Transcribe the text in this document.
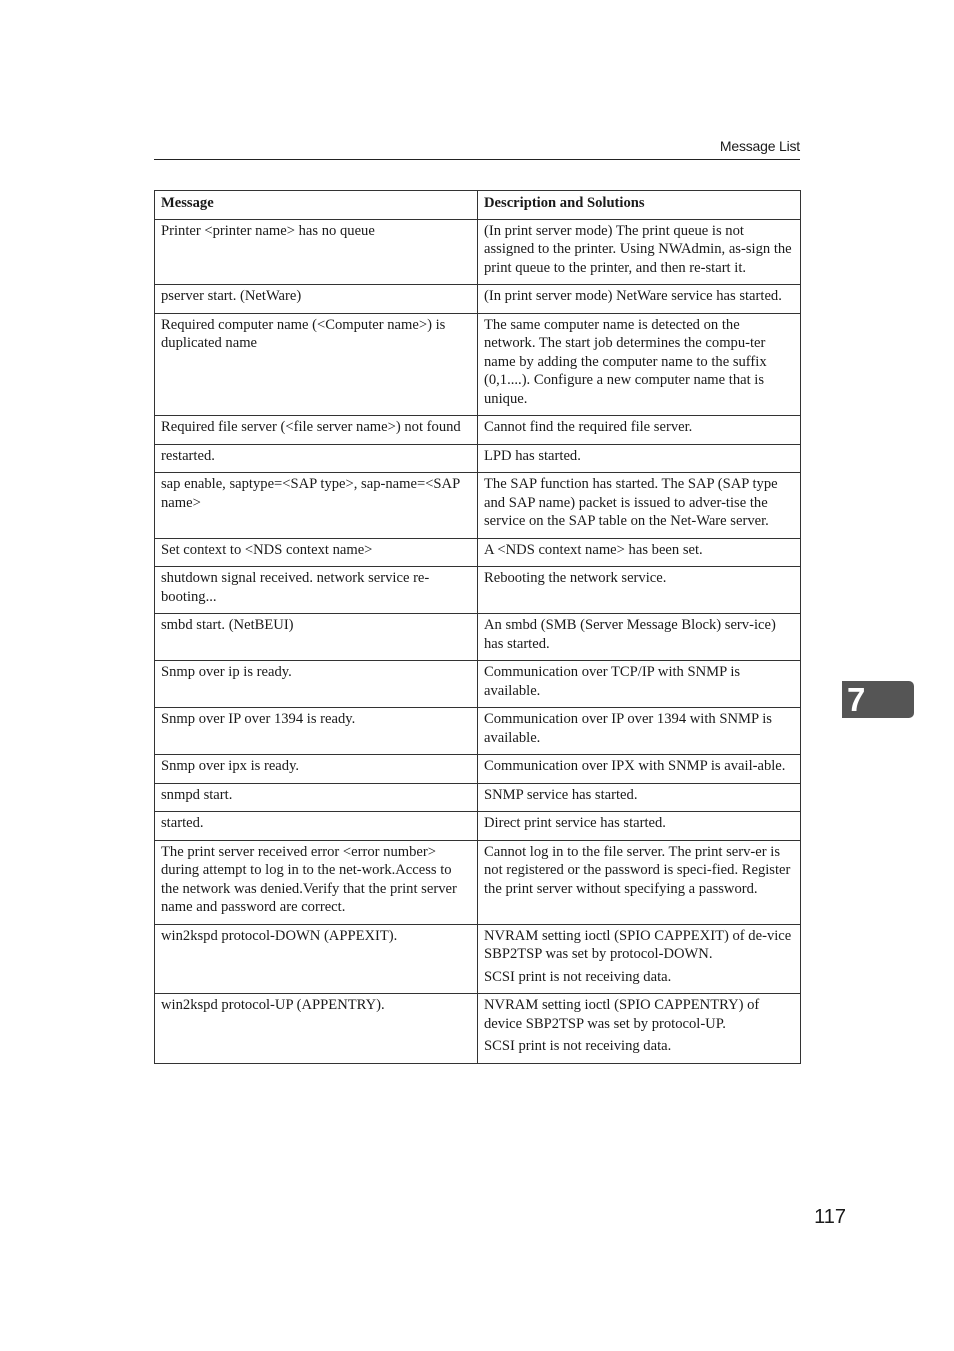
Message List
Message	Description and Solutions
Printer <printer name> has no queue	(In print server mode) The print queue is not assigned to the printer. Using NWAdmin, as-sign the print queue to the printer, and then re-start it.

pserver start. (NetWare)	(In print server mode) NetWare service has started.

Required computer name (<Computer name>) is duplicated name	The same computer name is detected on the network. The start job determines the compu-ter name by adding the computer name to the suffix (0,1....). Configure a new computer name that is unique.

Required file server (<file server name>) not found	Cannot find the required file server.

restarted.	LPD has started.

sap enable, saptype=<SAP type>, sap-name=<SAP name>	The SAP function has started. The SAP (SAP type and SAP name) packet is issued to adver-tise the service on the SAP table on the Net-Ware server.

Set context to <NDS context name>	A <NDS context name> has been set.

shutdown signal received. network service re-booting...	Rebooting the network service.

smbd start. (NetBEUI)	An smbd (SMB (Server Message Block) serv-ice) has started.

Snmp over ip is ready.	Communication over TCP/IP with SNMP is available.

Snmp over IP over 1394 is ready.	Communication over IP over 1394 with SNMP is available.

Snmp over ipx is ready.	Communication over IPX with SNMP is avail-able.

snmpd start.	SNMP service has started.

started.	Direct print service has started.

The print server received error <error number> during attempt to log in to the net-work.Access to the network was denied.Verify that the print server name and password are correct.	Cannot log in to the file server. The print serv-er is not registered or the password is speci-fied. Register the print server without specifying a password.

win2kspd protocol-DOWN (APPEXIT).	NVRAM setting ioctl (SPIO CAPPEXIT) of de-vice SBP2TSP was set by protocol-DOWN.

SCSI print is not receiving data.

win2kspd protocol-UP (APPENTRY).	NVRAM setting ioctl (SPIO CAPPENTRY) of device SBP2TSP was set by protocol-UP.

SCSI print is not receiving data.

7
117
